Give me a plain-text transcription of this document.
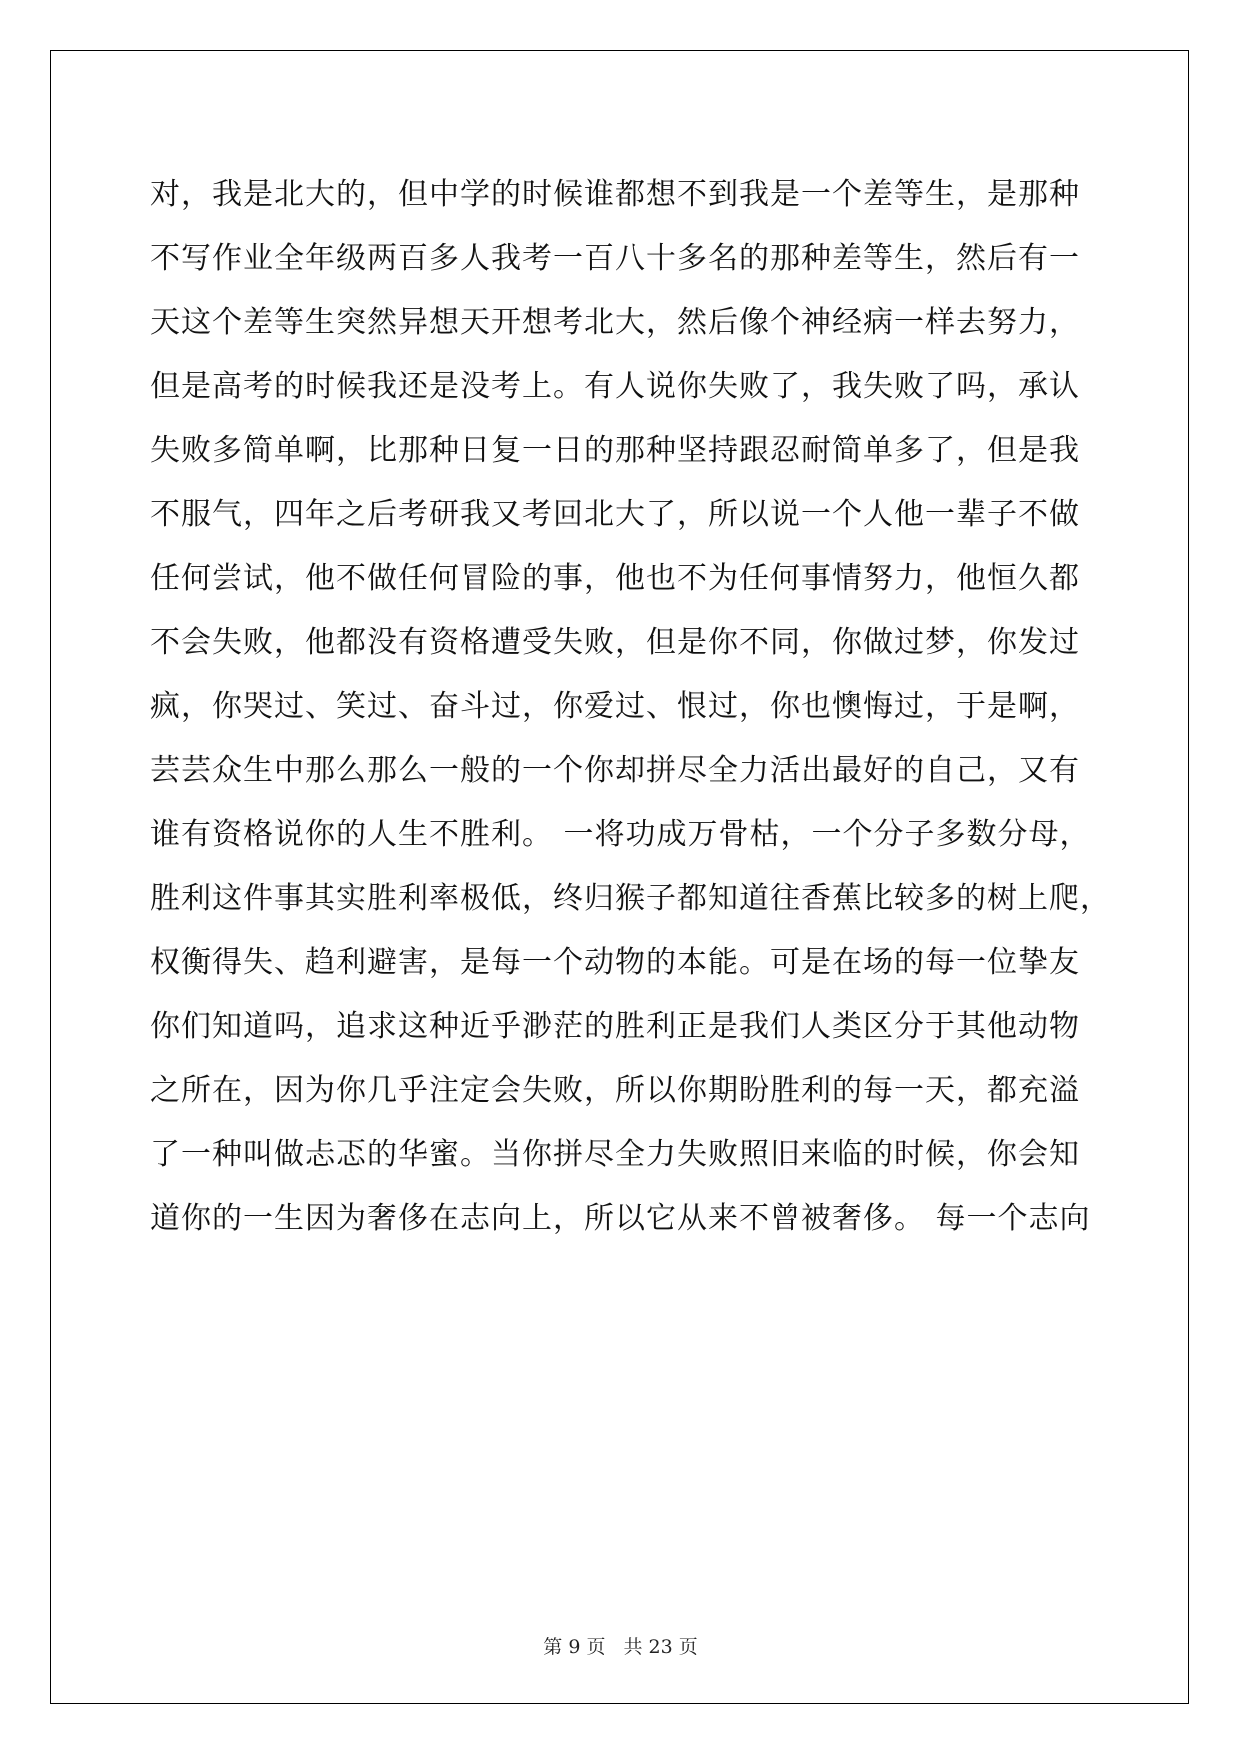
对，我是北大的，但中学的时候谁都想不到我是一个差等生，是那种
不写作业全年级两百多人我考一百八十多名的那种差等生，然后有一
天这个差等生突然异想天开想考北大，然后像个神经病一样去努力，
但是高考的时候我还是没考上。有人说你失败了，我失败了吗，承认
失败多简单啊，比那种日复一日的那种坚持跟忍耐简单多了，但是我
不服气，四年之后考研我又考回北大了，所以说一个人他一辈子不做
任何尝试，他不做任何冒险的事，他也不为任何事情努力，他恒久都
不会失败，他都没有资格遭受失败，但是你不同，你做过梦，你发过
疯，你哭过、笑过、奋斗过，你爱过、恨过，你也懊悔过，于是啊，
芸芸众生中那么那么一般的一个你却拼尽全力活出最好的自己，又有
谁有资格说你的人生不胜利。 一将功成万骨枯，一个分子多数分母，
胜利这件事其实胜利率极低，终归猴子都知道往香蕉比较多的树上爬，
权衡得失、趋利避害，是每一个动物的本能。可是在场的每一位挚友
你们知道吗，追求这种近乎渺茫的胜利正是我们人类区分于其他动物
之所在，因为你几乎注定会失败，所以你期盼胜利的每一天，都充溢
了一种叫做忐忑的华蜜。当你拼尽全力失败照旧来临的时候，你会知
道你的一生因为奢侈在志向上，所以它从来不曾被奢侈。 每一个志向
第 9 页 共 23 页
